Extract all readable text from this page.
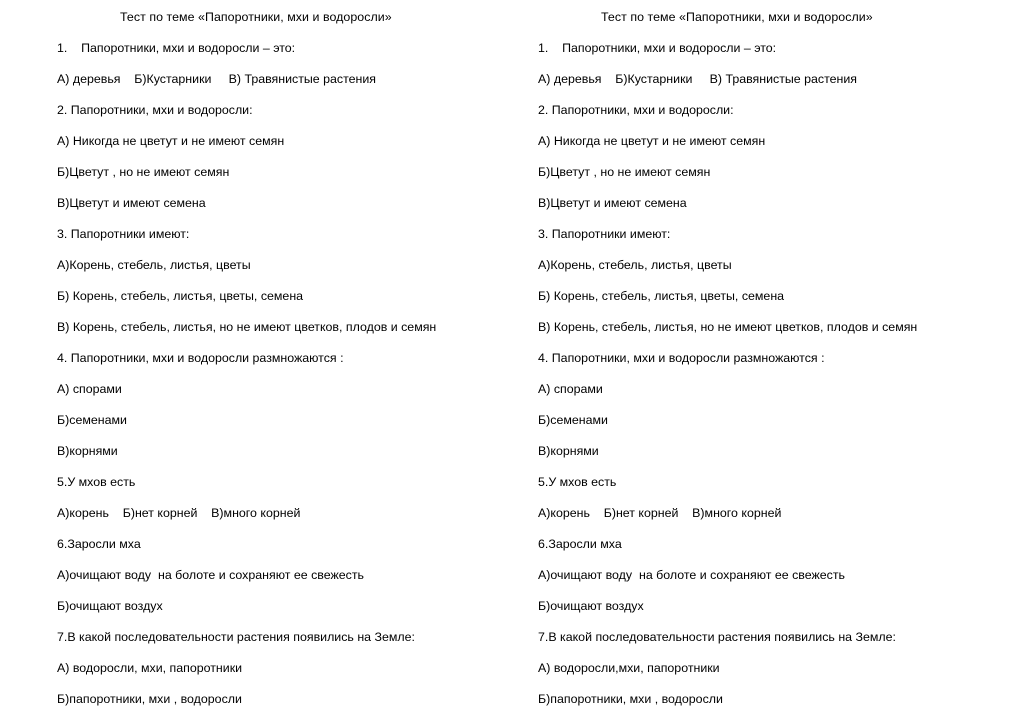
Тест по теме «Папоротники, мхи и водоросли»
1.    Папоротники, мхи и водоросли – это:
А) деревья    Б)Кустарники     В) Травянистые растения
2. Папоротники, мхи и водоросли:
А) Никогда не цветут и не имеют семян
Б)Цветут , но не имеют семян
В)Цветут и имеют семена
3. Папоротники имеют:
А)Корень, стебель, листья, цветы
Б) Корень, стебель, листья, цветы, семена
В) Корень, стебель, листья, но не имеют цветков, плодов и семян
4. Папоротники, мхи и водоросли размножаются :
А) спорами
Б)семенами
В)корнями
5.У мхов есть
А)корень    Б)нет корней    В)много корней
6.Заросли мха
А)очищают воду  на болоте и сохраняют ее свежесть
Б)очищают воздух
7.В какой последовательности растения появились на Земле:
А) водоросли, мхи, папоротники
Б)папоротники, мхи , водоросли
Тест по теме «Папоротники, мхи и водоросли»
1.    Папоротники, мхи и водоросли – это:
А) деревья    Б)Кустарники     В) Травянистые растения
2. Папоротники, мхи и водоросли:
А) Никогда не цветут и не имеют семян
Б)Цветут , но не имеют семян
В)Цветут и имеют семена
3. Папоротники имеют:
А)Корень, стебель, листья, цветы
Б) Корень, стебель, листья, цветы, семена
В) Корень, стебель, листья, но не имеют цветков, плодов и семян
4. Папоротники, мхи и водоросли размножаются :
А) спорами
Б)семенами
В)корнями
5.У мхов есть
А)корень    Б)нет корней    В)много корней
6.Заросли мха
А)очищают воду  на болоте и сохраняют ее свежесть
Б)очищают воздух
7.В какой последовательности растения появились на Земле:
А) водоросли,мхи, папоротники
Б)папоротники, мхи , водоросли
